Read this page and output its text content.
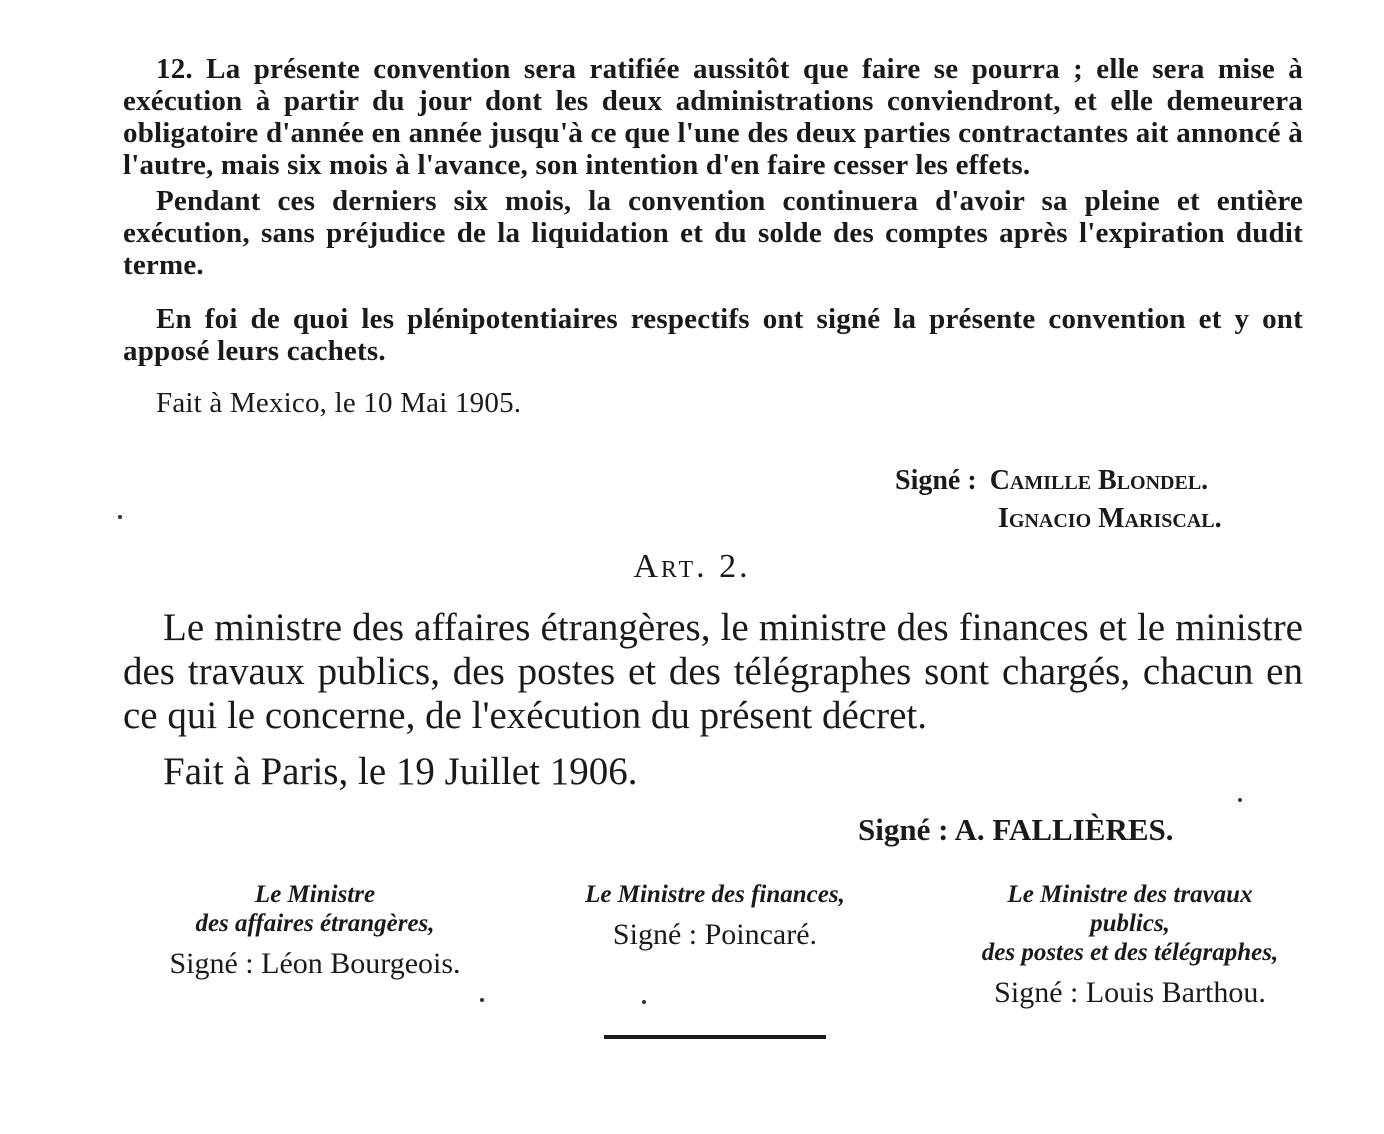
12. La présente convention sera ratifiée aussitôt que faire se pourra ; elle sera mise à exécution à partir du jour dont les deux administrations conviendront, et elle demeurera obligatoire d'année en année jusqu'à ce que l'une des deux parties contractantes ait annoncé à l'autre, mais six mois à l'avance, son intention d'en faire cesser les effets.

Pendant ces derniers six mois, la convention continuera d'avoir sa pleine et entière exécution, sans préjudice de la liquidation et du solde des comptes après l'expiration dudit terme.

En foi de quoi les plénipotentiaires respectifs ont signé la présente convention et y ont apposé leurs cachets.

Fait à Mexico, le 10 Mai 1905.

Signé : Camille Blondel.
Ignacio Mariscal.
Art. 2.

Le ministre des affaires étrangères, le ministre des finances et le ministre des travaux publics, des postes et des télégraphes sont chargés, chacun en ce qui le concerne, de l'exécution du présent décret.

Fait à Paris, le 19 Juillet 1906.

Signé : A. FALLIÈRES.
Le Ministre
des affaires étrangères,
Signé : Léon Bourgeois.
Le Ministre des finances,
Signé : Poincaré.
Le Ministre des travaux
publics,
des postes et des télégraphes,
Signé : Louis Barthou.
